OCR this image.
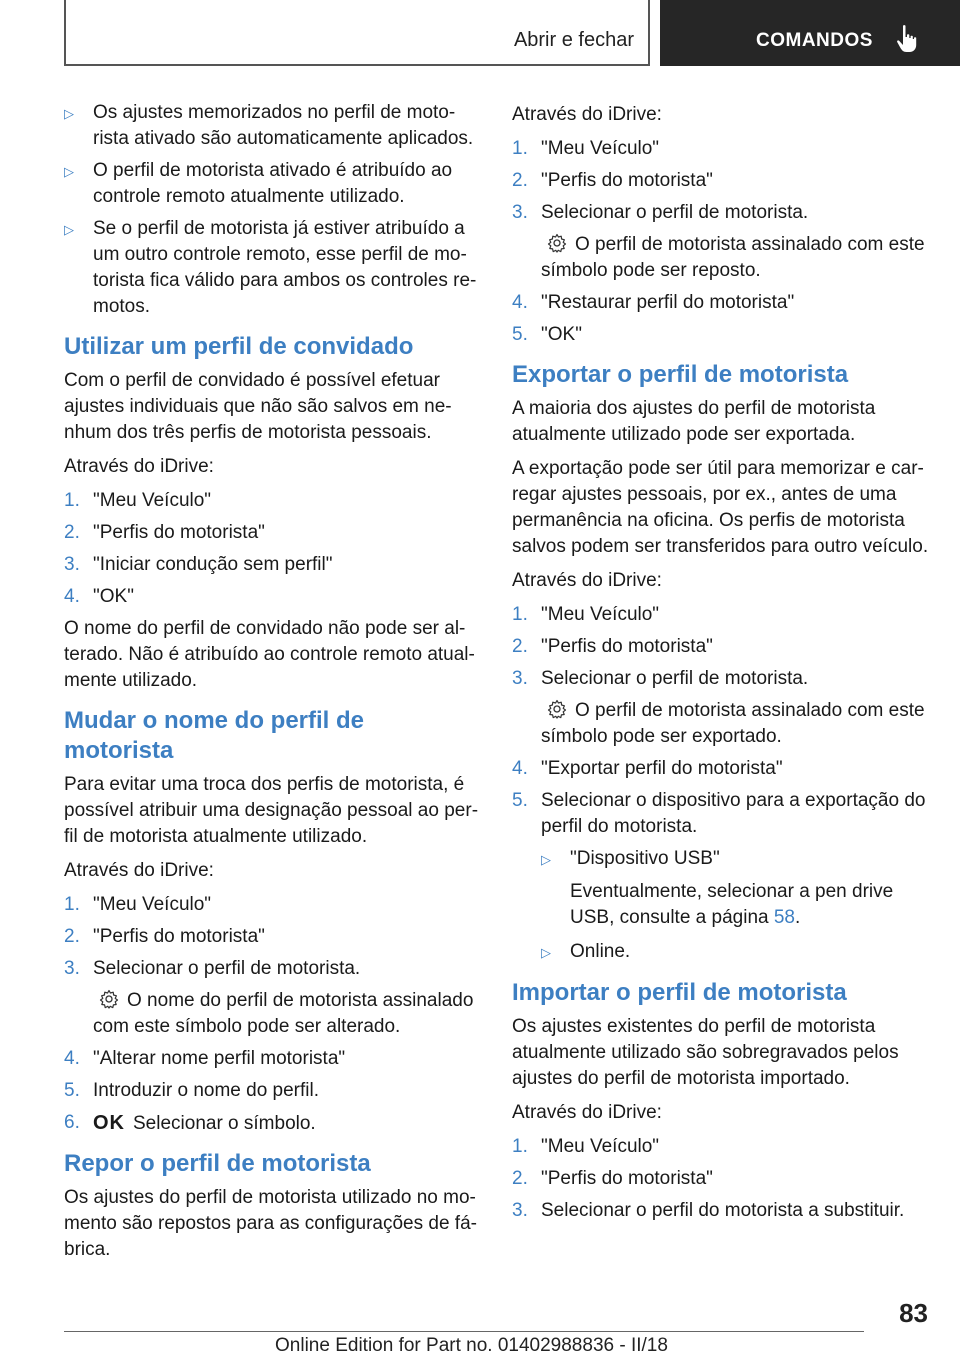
Abrir e fechar	COMANDOS
▷	Os ajustes memorizados no perfil de motorista ativado são automaticamente aplicados.
▷	O perfil de motorista ativado é atribuído ao controle remoto atualmente utilizado.
▷	Se o perfil de motorista já estiver atribuído a um outro controle remoto, esse perfil de motorista fica válido para ambos os controles remotos.
Utilizar um perfil de convidado

Com o perfil de convidado é possível efetuar ajustes individuais que não são salvos em nenhum dos três perfis de motorista pessoais.

Através do iDrive:

1. "Meu Veículo"
2. "Perfis do motorista"
3. "Iniciar condução sem perfil"
4. "OK"

O nome do perfil de convidado não pode ser alterado. Não é atribuído ao controle remoto atualmente utilizado.

Mudar o nome do perfil de motorista

Para evitar uma troca dos perfis de motorista, é possível atribuir uma designação pessoal ao perfil de motorista atualmente utilizado.

Através do iDrive:

1. "Meu Veículo"
2. "Perfis do motorista"
3. Selecionar o perfil de motorista.
O nome do perfil de motorista assinalado com este símbolo pode ser alterado.
4. "Alterar nome perfil motorista"
5. Introduzir o nome do perfil.
6. OK Selecionar o símbolo.
Repor o perfil de motorista

Os ajustes do perfil de motorista utilizado no momento são repostos para as configurações de fábrica.

Através do iDrive:

1. "Meu Veículo"
2. "Perfis do motorista"
3. Selecionar o perfil de motorista.
O perfil de motorista assinalado com este símbolo pode ser reposto.
4. "Restaurar perfil do motorista"
5. "OK"
Exportar o perfil de motorista

A maioria dos ajustes do perfil de motorista atualmente utilizado pode ser exportada.

A exportação pode ser útil para memorizar e carregar ajustes pessoais, por ex., antes de uma permanência na oficina. Os perfis de motorista salvos podem ser transferidos para outro veículo.

Através do iDrive:

1. "Meu Veículo"
2. "Perfis do motorista"
3. Selecionar o perfil de motorista.
O perfil de motorista assinalado com este símbolo pode ser exportado.
4. "Exportar perfil do motorista"
5. Selecionar o dispositivo para a exportação do perfil do motorista.
▷	"Dispositivo USB"
Eventualmente, selecionar a pen drive USB, consulte a página 58.
▷	Online.
Importar o perfil de motorista

Os ajustes existentes do perfil de motorista atualmente utilizado são sobregravados pelos ajustes do perfil de motorista importado.

Através do iDrive:

1. "Meu Veículo"
2. "Perfis do motorista"
3. Selecionar o perfil do motorista a substituir.
83
Online Edition for Part no. 01402988836 - II/18
